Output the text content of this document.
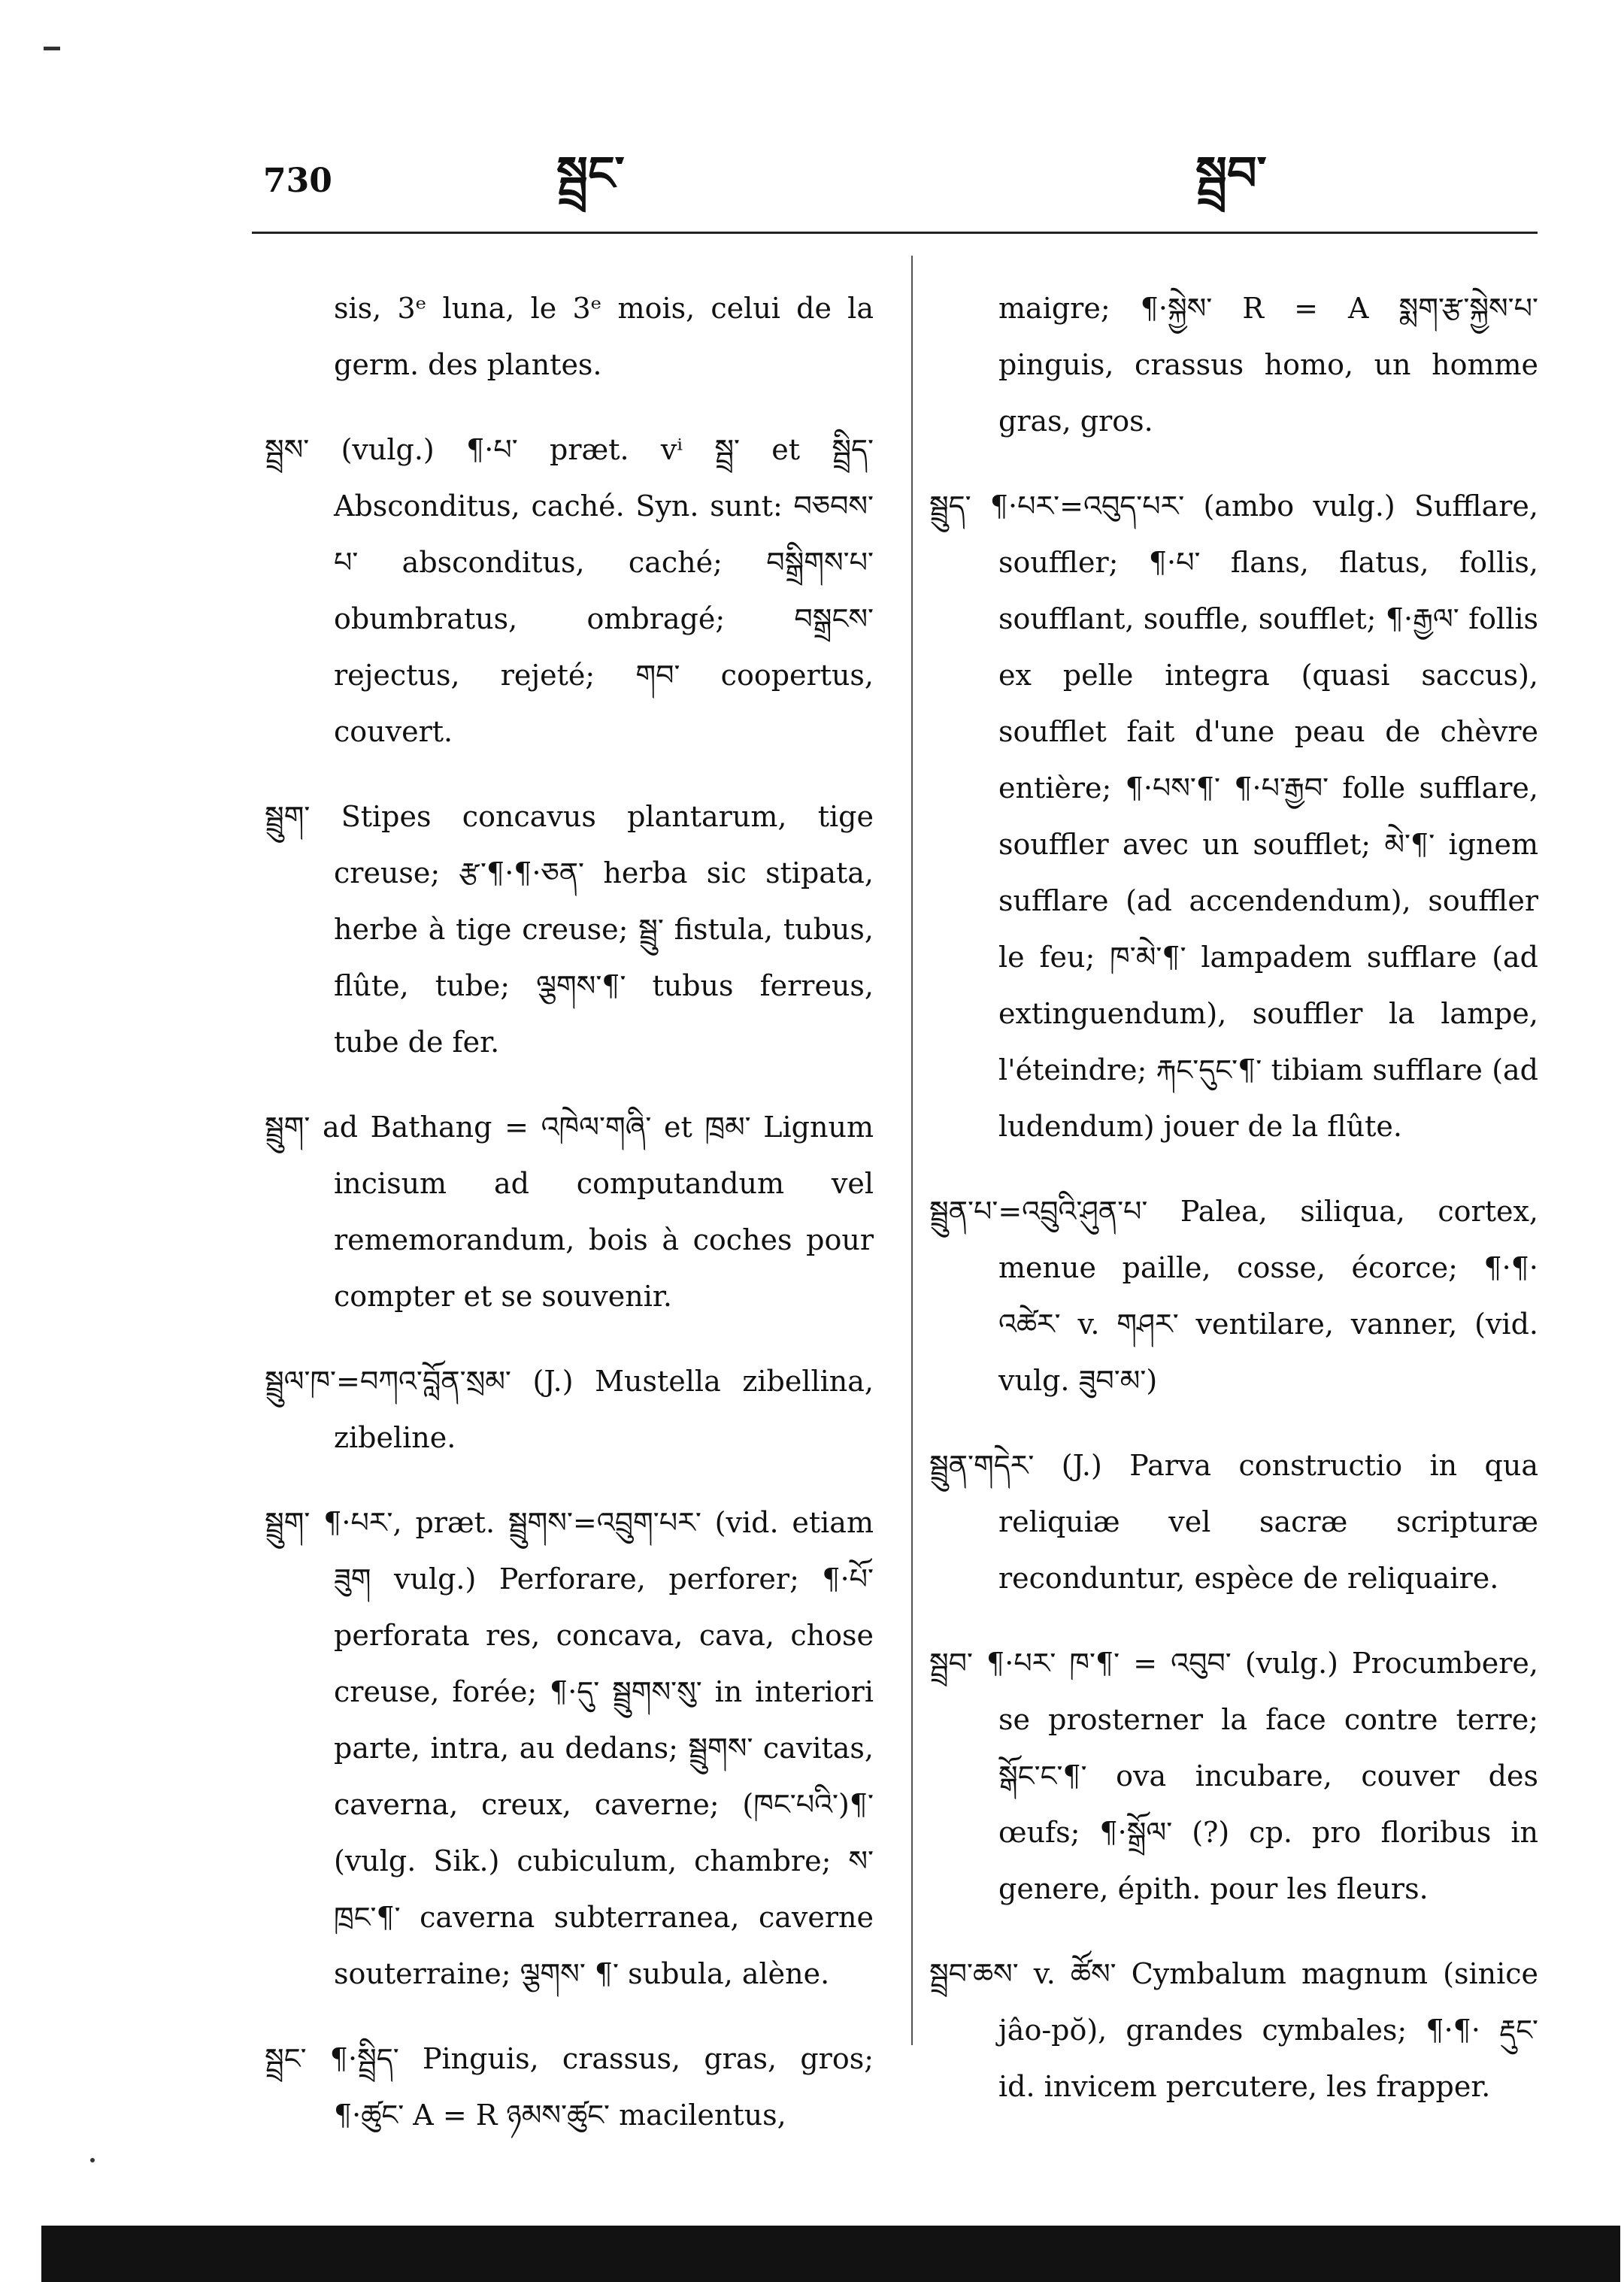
730	སྦྲང་	སྦྲབ་

sis, 3ᵉ luna, le 3ᵉ mois, celui de la germ. des plantes.

སྦྲས་ (vulg.) ¶·པ་ præt. vⁱ སྦྲ་ et སྦྲིད་ Absconditus, caché. Syn. sunt: བཅབས་པ་ absconditus, caché; བསྒྲིགས་པ་ obumbratus, ombragé; བསྒྲངས་ rejectus, rejeté; གབ་ coopertus, couvert.

སྦྲུག་ Stipes concavus plantarum, tige creuse; རྩ་¶·¶·ཅན་ herba sic stipata, herbe à tige creuse; སྦྲུ་ fistula, tubus, flûte, tube; ལྕགས་¶་ tubus ferreus, tube de fer.

སྦྲུག་ ad Bathang = འཁེལ་གཞི་ et ཁྲམ་ Lignum incisum ad computandum vel rememorandum, bois à coches pour compter et se souvenir.

སྦྲུལ་ཁ་=བཀའ་བློན་སྲམ་ (J.) Mustella zibellina, zibeline.

སྦྲུག་ ¶·པར་, præt. སྦྲུགས་=འབྲུག་པར་ (vid. etiam ཟུག vulg.) Perforare, perforer; ¶·པོ་ perforata res, concava, cava, chose creuse, forée; ¶·དུ་ སྦྲུགས་སུ་ in interiori parte, intra, au dedans; སྦྲུགས་ cavitas, caverna, creux, caverne; (ཁང་པའི་)¶་ (vulg. Sik.) cubiculum, chambre; ས་ཁྲང་¶་ caverna subterranea, caverne souterraine; ལྕགས་ ¶་ subula, alène.

སྦྲང་ ¶·སྦྲིད་ Pinguis, crassus, gras, gros; ¶·ཚུང་ A = R ཉམས་ཚུང་ macilentus,

maigre; ¶·སྐྱེས་ R = A སྨག་རྩ་སྐྱེས་པ་ pinguis, crassus homo, un homme gras, gros.

སྦྲུད་ ¶·པར་=འབུད་པར་ (ambo vulg.) Sufflare, souffler; ¶·པ་ flans, flatus, follis, soufflant, souffle, soufflet; ¶·རྒྱལ་ follis ex pelle integra (quasi saccus), soufflet fait d'une peau de chèvre entière; ¶·པས་¶་ ¶·པ་རྒྱབ་ folle sufflare, souffler avec un soufflet; མེ་¶་ ignem sufflare (ad accendendum), souffler le feu; ཁ་མེ་¶་ lampadem sufflare (ad extinguendum), souffler la lampe, l'éteindre; རྐང་དུང་¶་ tibiam sufflare (ad ludendum) jouer de la flûte.

སྦྲུན་པ་=འབྲུའི་ཤུན་པ་ Palea, siliqua, cortex, menue paille, cosse, écorce; ¶·¶· འཚེར་ v. གཤར་ ventilare, vanner, (vid. vulg. ཟུབ་མ་)

སྦྲུན་གདེར་ (J.) Parva constructio in qua reliquiæ vel sacræ scripturæ reconduntur, espèce de reliquaire.

སྦྲབ་ ¶·པར་ ཁ་¶་ = འབུབ་ (vulg.) Procumbere, se prosterner la face contre terre; སྒོང་ང་¶་ ova incubare, couver des œufs; ¶·སྒྲོལ་ (?) cp. pro floribus in genere, épith. pour les fleurs.

སྦྲབ་ཆས་ v. ཚོས་ Cymbalum magnum (sinice jâo-pŏ), grandes cymbales; ¶·¶· རྡུང་ id. invicem percutere, les frapper.
